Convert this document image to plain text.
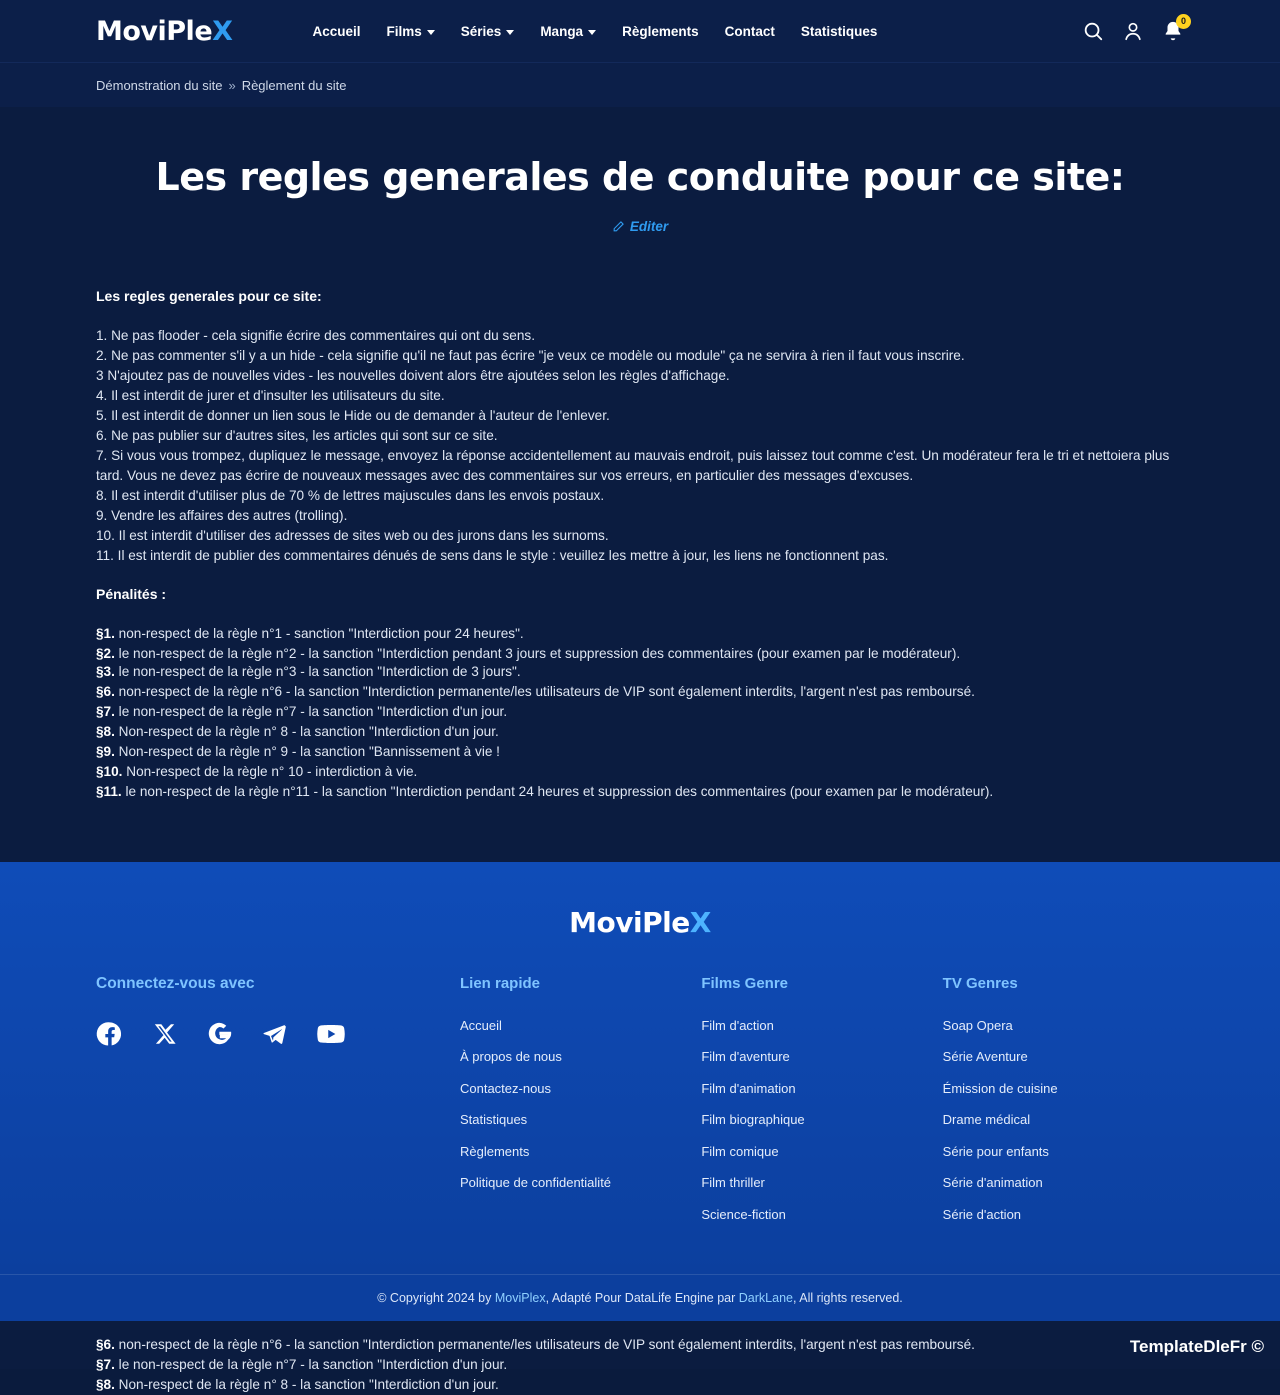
MoviPleX	Accueil Films	Séries	Manga	Règlements Contact Statistiques
0
Démonstration du site » Règlement du site
Les regles generales de conduite pour ce site:
Editer
Les regles generales pour ce site:

1. Ne pas flooder - cela signifie écrire des commentaires qui ont du sens.

2. Ne pas commenter s'il y a un hide - cela signifie qu'il ne faut pas écrire "je veux ce modèle ou module" ça ne servira à rien il faut vous inscrire.

3 N'ajoutez pas de nouvelles vides - les nouvelles doivent alors être ajoutées selon les règles d'affichage.

4. Il est interdit de jurer et d'insulter les utilisateurs du site.

5. Il est interdit de donner un lien sous le Hide ou de demander à l'auteur de l'enlever.

6. Ne pas publier sur d'autres sites, les articles qui sont sur ce site.

7. Si vous vous trompez, dupliquez le message, envoyez la réponse accidentellement au mauvais endroit, puis laissez tout comme c'est. Un modérateur fera le tri et nettoiera plus tard. Vous ne devez pas écrire de nouveaux messages avec des commentaires sur vos erreurs, en particulier des messages d'excuses.

8. Il est interdit d'utiliser plus de 70 % de lettres majuscules dans les envois postaux.

9. Vendre les affaires des autres (trolling).

10. Il est interdit d'utiliser des adresses de sites web ou des jurons dans les surnoms.

11. Il est interdit de publier des commentaires dénués de sens dans le style : veuillez les mettre à jour, les liens ne fonctionnent pas.

Pénalités :

§1. non-respect de la règle n°1 - sanction "Interdiction pour 24 heures".

§2. le non-respect de la règle n°2 - la sanction "Interdiction pendant 3 jours et suppression des commentaires (pour examen par le modérateur).

§3. le non-respect de la règle n°3 - la sanction "Interdiction de 3 jours".

§6. non-respect de la règle n°6 - la sanction "Interdiction permanente/les utilisateurs de VIP sont également interdits, l'argent n'est pas remboursé.

§7. le non-respect de la règle n°7 - la sanction "Interdiction d'un jour.

§8. Non-respect de la règle n° 8 - la sanction "Interdiction d'un jour.

§9. Non-respect de la règle n° 9 - la sanction "Bannissement à vie !

§10. Non-respect de la règle n° 10 - interdiction à vie.

§11. le non-respect de la règle n°11 - la sanction "Interdiction pendant 24 heures et suppression des commentaires (pour examen par le modérateur).

MoviPleX
Connectez-vous avec	Lien rapide
Accueil
À propos de nous
Contactez-nous
Statistiques
Règlements
Politique de confidentialité
Films Genre
Film d'action
Film d'aventure
Film d'animation
Film biographique
Film comique
Film thriller
Science-fiction
TV Genres
Soap Opera
Série Aventure
Émission de cuisine
Drame médical
Série pour enfants
Série d'animation
Série d'action
© Copyright 2024 by MoviPlex, Adapté Pour DataLife Engine par DarkLane, All rights reserved.

§6. non-respect de la règle n°6 - la sanction "Interdiction permanente/les utilisateurs de VIP sont également interdits, l'argent n'est pas remboursé.

§7. le non-respect de la règle n°7 - la sanction "Interdiction d'un jour.

§8. Non-respect de la règle n° 8 - la sanction "Interdiction d'un jour.

TemplateDleFr ©
